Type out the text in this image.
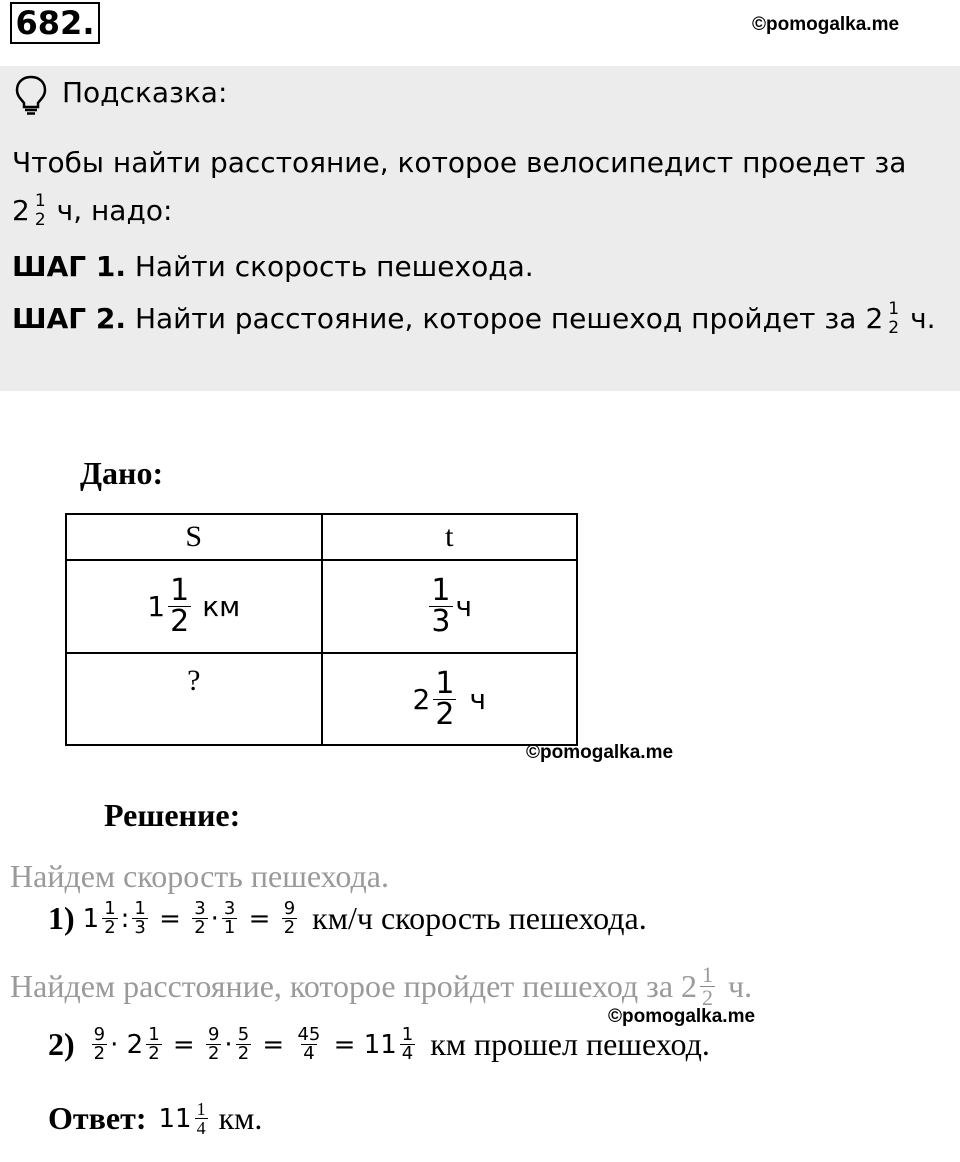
682.	©pomogalka.me
Подсказка:
Чтобы найти расстояние, которое велосипедист проедет за
2 1
2 ч, надо:
ШАГ 1. Найти скорость пешехода.
ШАГ 2. Найти расстояние, которое пешеход пройдет за 2 1
2 ч.
Дано:
S	t

$1 \frac{1}{2}$ км	$\frac{1}{3}$ ч

?	$2 \frac{1}{2}$ ч
©pomogalka.me
Решение:
Найдем скорость пешехода.
1) $1 \frac{1}{2}$ : $\frac{1}{3} = \frac{3}{2} \cdot \frac{3}{1} = \frac{9}{2} км/ч$ скорость пешехода.
Найдем расстояние, которое пройдет пешеход за $2 \frac{1}{2} ч$.
©pomogalka.me
$2) \frac{9}{2} \cdot 2 \frac{1}{2} = \frac{9}{2} \cdot \frac{5}{2} = \frac{45}{4} = 11 \frac{1}{4}$ км прошел пешеход.
Ответ: $11 \frac{1}{4}$ км.
